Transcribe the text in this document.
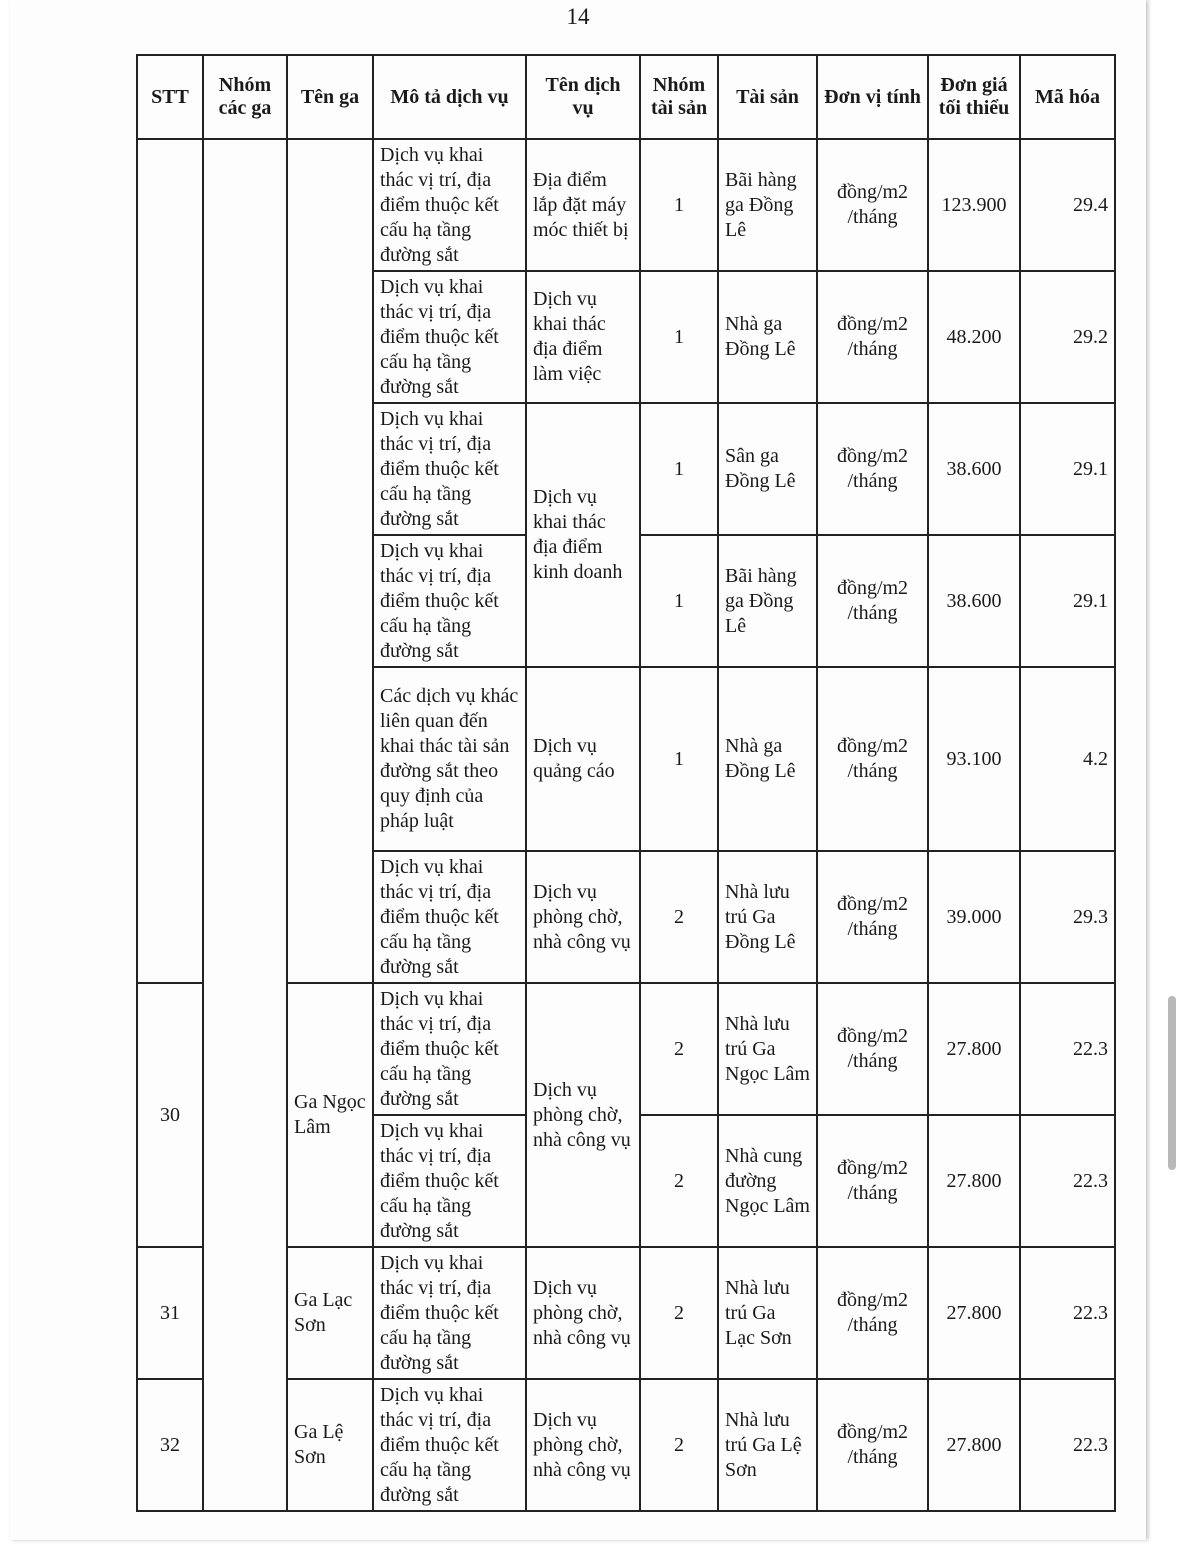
14
STT	Nhóm các ga	Tên ga	Mô tả dịch vụ	Tên dịch vụ	Nhóm tài sản	Tài sản	Đơn vị tính	Đơn giá tối thiểu	Mã hóa
			Dịch vụ khai thác vị trí, địa điểm thuộc kết cấu hạ tầng đường sắt	Địa điểm lắp đặt máy móc thiết bị	1	Bãi hàng ga Đồng Lê	đồng/m2 /tháng	123.900	29.4
			Dịch vụ khai thác vị trí, địa điểm thuộc kết cấu hạ tầng đường sắt	Dịch vụ khai thác địa điểm làm việc	1	Nhà ga Đồng Lê	đồng/m2 /tháng	48.200	29.2
			Dịch vụ khai thác vị trí, địa điểm thuộc kết cấu hạ tầng đường sắt	Dịch vụ khai thác địa điểm kinh doanh	1	Sân ga Đồng Lê	đồng/m2 /tháng	38.600	29.1
			Dịch vụ khai thác vị trí, địa điểm thuộc kết cấu hạ tầng đường sắt		1	Bãi hàng ga Đồng Lê	đồng/m2 /tháng	38.600	29.1
			Các dịch vụ khác liên quan đến khai thác tài sản đường sắt theo quy định của pháp luật	Dịch vụ quảng cáo	1	Nhà ga Đồng Lê	đồng/m2 /tháng	93.100	4.2
			Dịch vụ khai thác vị trí, địa điểm thuộc kết cấu hạ tầng đường sắt	Dịch vụ phòng chờ, nhà công vụ	2	Nhà lưu trú Ga Đồng Lê	đồng/m2 /tháng	39.000	29.3
30		Ga Ngọc Lâm	Dịch vụ khai thác vị trí, địa điểm thuộc kết cấu hạ tầng đường sắt	Dịch vụ phòng chờ, nhà công vụ	2	Nhà lưu trú Ga Ngọc Lâm	đồng/m2 /tháng	27.800	22.3
			Dịch vụ khai thác vị trí, địa điểm thuộc kết cấu hạ tầng đường sắt		2	Nhà cung đường Ngọc Lâm	đồng/m2 /tháng	27.800	22.3
31		Ga Lạc Sơn	Dịch vụ khai thác vị trí, địa điểm thuộc kết cấu hạ tầng đường sắt	Dịch vụ phòng chờ, nhà công vụ	2	Nhà lưu trú Ga Lạc Sơn	đồng/m2 /tháng	27.800	22.3
32		Ga Lệ Sơn	Dịch vụ khai thác vị trí, địa điểm thuộc kết cấu hạ tầng đường sắt	Dịch vụ phòng chờ, nhà công vụ	2	Nhà lưu trú Ga Lệ Sơn	đồng/m2 /tháng	27.800	22.3
